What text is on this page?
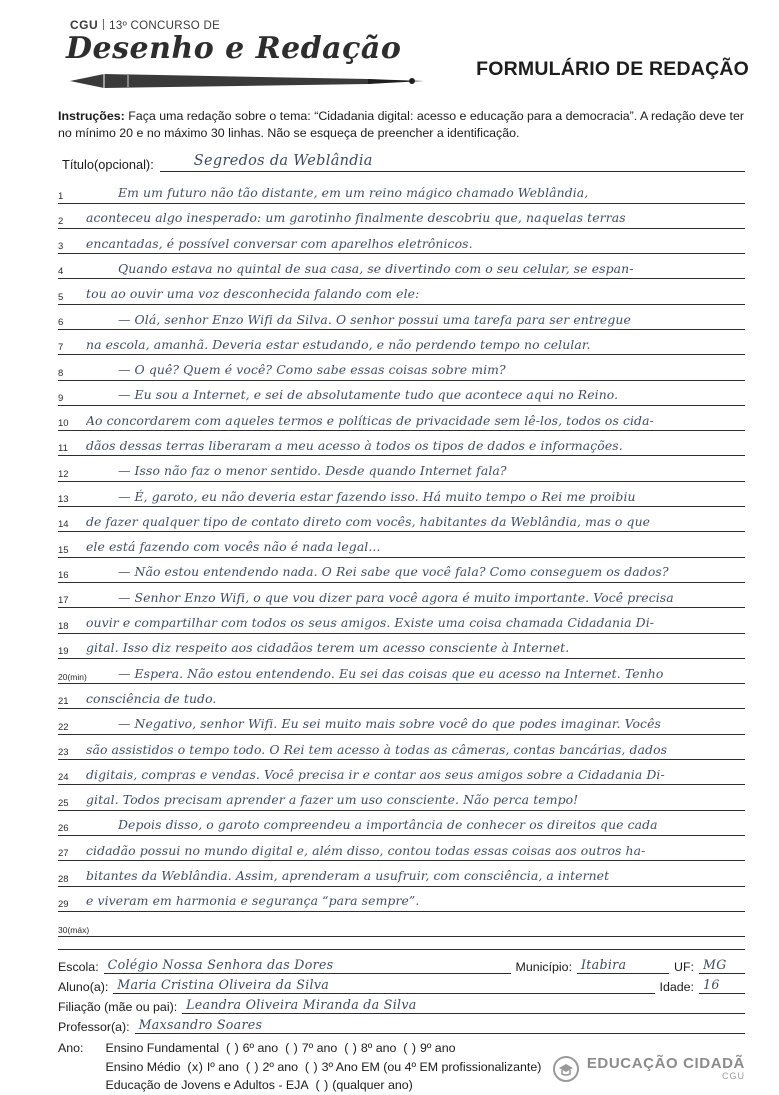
CGU 13º CONCURSO DE
Desenho e Redação
FORMULÁRIO DE REDAÇÃO
Instruções: Faça uma redação sobre o tema: “Cidadania digital: acesso e educação para a democracia”. A redação deve ter no mínimo 20 e no máximo 30 linhas. Não se esqueça de preencher a identificação.
Título(opcional):	Segredos da Weblândia
1	Em um futuro não tão distante, em um reino mágico chamado Weblândia,
2	aconteceu algo inesperado: um garotinho finalmente descobriu que, naquelas terras
3	encantadas, é possível conversar com aparelhos eletrônicos.
4	Quando estava no quintal de sua casa, se divertindo com o seu celular, se espan-
5	tou ao ouvir uma voz desconhecida falando com ele:
6	— Olá, senhor Enzo Wifi da Silva. O senhor possui uma tarefa para ser entregue
7	na escola, amanhã. Deveria estar estudando, e não perdendo tempo no celular.
8	— O quê? Quem é você? Como sabe essas coisas sobre mim?
9	— Eu sou a Internet, e sei de absolutamente tudo que acontece aqui no Reino.
10	Ao concordarem com aqueles termos e políticas de privacidade sem lê-los, todos os cida-
11	dãos dessas terras liberaram a meu acesso à todos os tipos de dados e informações.
12	— Isso não faz o menor sentido. Desde quando Internet fala?
13	— É, garoto, eu não deveria estar fazendo isso. Há muito tempo o Rei me proibiu
14	de fazer qualquer tipo de contato direto com vocês, habitantes da Weblândia, mas o que
15	ele está fazendo com vocês não é nada legal...
16	— Não estou entendendo nada. O Rei sabe que você fala? Como conseguem os dados?
17	— Senhor Enzo Wifi, o que vou dizer para você agora é muito importante. Você precisa
18	ouvir e compartilhar com todos os seus amigos. Existe uma coisa chamada Cidadania Di-
19	gital. Isso diz respeito aos cidadãos terem um acesso consciente à Internet.
20(min)	— Espera. Não estou entendendo. Eu sei das coisas que eu acesso na Internet. Tenho
21	consciência de tudo.
22	— Negativo, senhor Wifi. Eu sei muito mais sobre você do que podes imaginar. Vocês
23	são assistidos o tempo todo. O Rei tem acesso à todas as câmeras, contas bancárias, dados
24	digitais, compras e vendas. Você precisa ir e contar aos seus amigos sobre a Cidadania Di-
25	gital. Todos precisam aprender a fazer um uso consciente. Não perca tempo!
26	Depois disso, o garoto compreendeu a importância de conhecer os direitos que cada
27	cidadão possui no mundo digital e, além disso, contou todas essas coisas aos outros ha-
28	bitantes da Weblândia. Assim, aprenderam a usufruir, com consciência, a internet
29	e viveram em harmonia e segurança “para sempre”.
30(máx)
Escola: Colégio Nossa Senhora das Dores	Município: Itabira	UF: MG
Aluno(a): Maria Cristina Oliveira da Silva	Idade: 16
Filiação (mãe ou pai): Leandra Oliveira Miranda da Silva
Professor(a): Maxsandro Soares
Ano: Ensino Fundamental ( ) 6º ano ( ) 7º ano ( ) 8º ano ( ) 9º ano
Ensino Médio (x) Iº ano ( ) 2º ano ( ) 3º Ano EM (ou 4º EM profissionalizante)
Educação de Jovens e Adultos - EJA ( ) (qualquer ano)
EDUCAÇÃO CIDADÃ
CGU
